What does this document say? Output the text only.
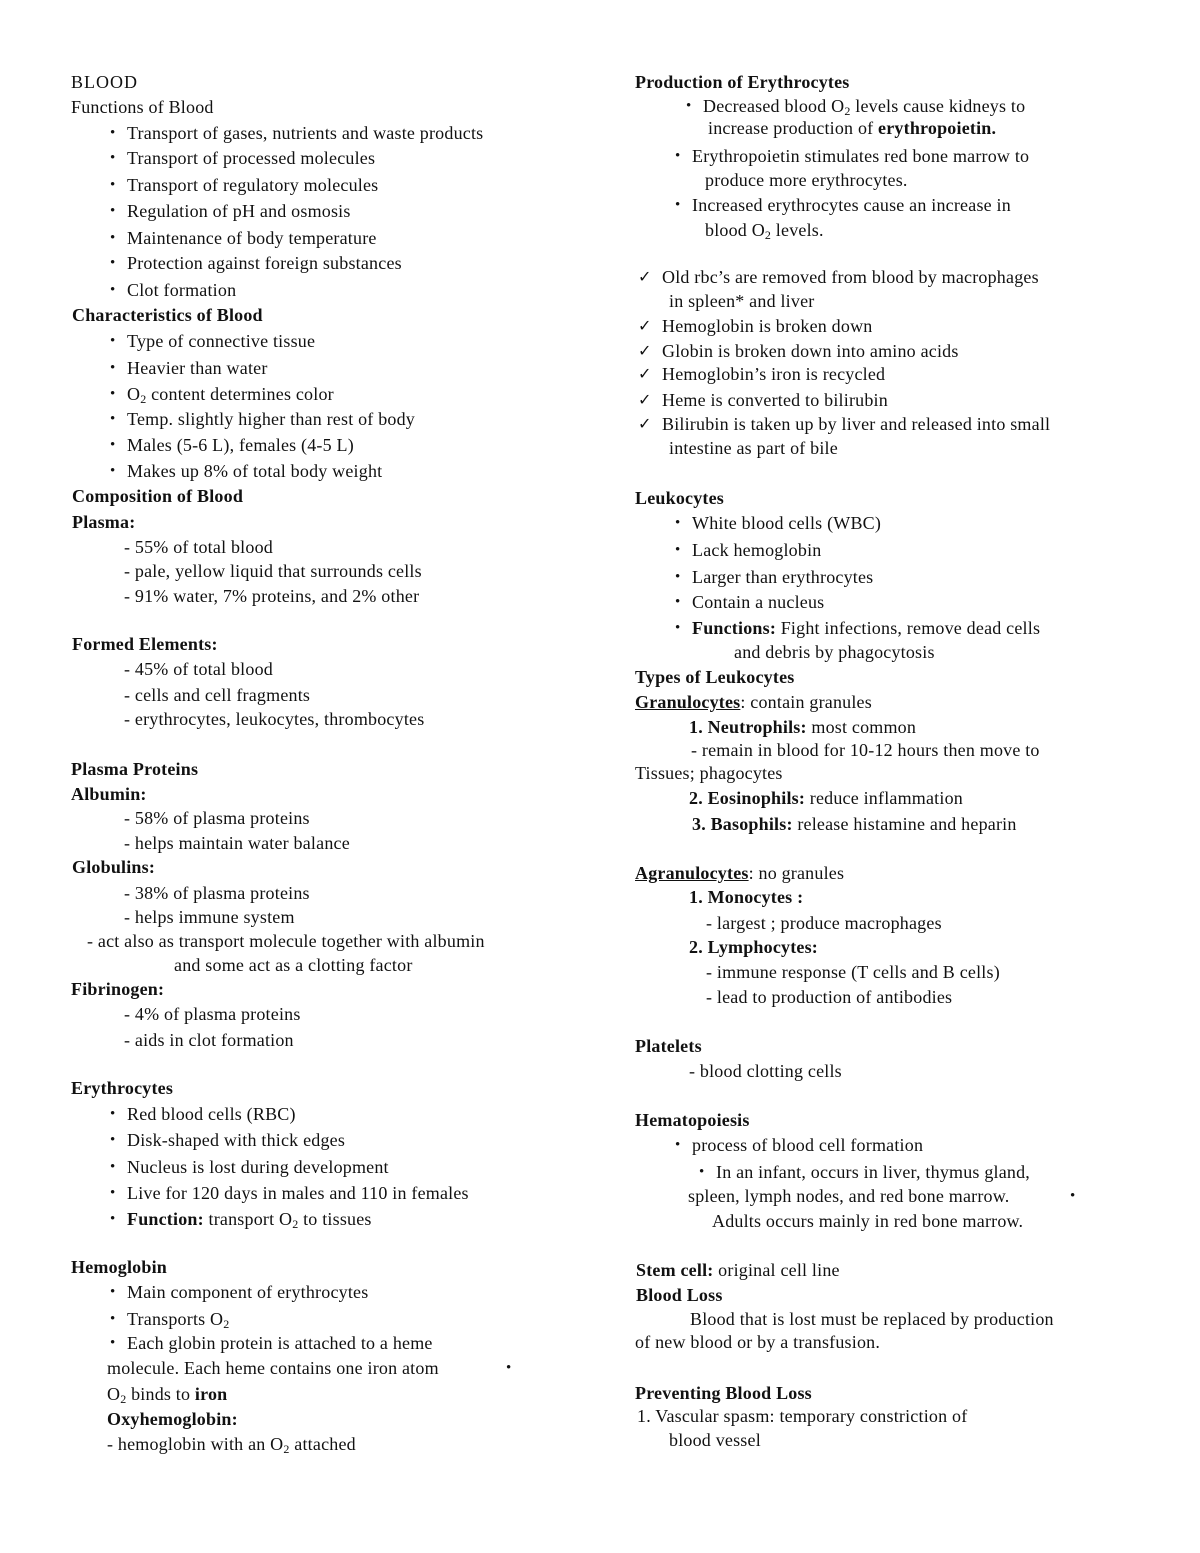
BLOOD
Functions of Blood
• Transport of gases, nutrients and waste products
• Transport of processed molecules
• Transport of regulatory molecules
• Regulation of pH and osmosis
• Maintenance of body temperature
• Protection against foreign substances
• Clot formation
Characteristics of Blood
• Type of connective tissue
• Heavier than water
• $O_2$ content determines color
• Temp. slightly higher than rest of body
• Males (5-6 L), females (4-5 L)
• Makes up 8% of total body weight
Composition of Blood
Plasma:
- 55% of total blood
- pale, yellow liquid that surrounds cells
- 91% water, 7% proteins, and 2% other
Formed Elements:
- 45% of total blood
- cells and cell fragments
- erythrocytes, leukocytes, thrombocytes
Plasma Proteins
Albumin:
- 58% of plasma proteins
- helps maintain water balance
Globulins:
- 38% of plasma proteins
- helps immune system
- act also as transport molecule together with albumin
and some act as a clotting factor
Fibrinogen:
- 4% of plasma proteins
- aids in clot formation
Erythrocytes
• Red blood cells (RBC)
• Disk-shaped with thick edges
• Nucleus is lost during development
• Live for 120 days in males and 110 in females
• Function: transport $O_2$ to tissues
Hemoglobin
• Main component of erythrocytes
• Transports $O_2$
• Each globin protein is attached to a heme
molecule. Each heme contains one iron atom	•
$O_2$ binds to iron
Oxyhemoglobin:
- hemoglobin with an $O_2$ attached
Production of Erythrocytes
• Decreased blood $O_2$ levels cause kidneys to
increase production of erythropoietin.
• Erythropoietin stimulates red bone marrow to
produce more erythrocytes.
• Increased erythrocytes cause an increase in
blood $O_2$ levels.
✓ Old rbc’s are removed from blood by macrophages
in spleen* and liver
✓ Hemoglobin is broken down
✓ Globin is broken down into amino acids
✓ Hemoglobin’s iron is recycled
✓ Heme is converted to bilirubin
✓ Bilirubin is taken up by liver and released into small
intestine as part of bile
Leukocytes
• White blood cells (WBC)
• Lack hemoglobin
• Larger than erythrocytes
• Contain a nucleus
• Functions: Fight infections, remove dead cells
and debris by phagocytosis
Types of Leukocytes
Granulocytes: contain granules
1. Neutrophils: most common
- remain in blood for 10-12 hours then move to
Tissues; phagocytes
2. Eosinophils: reduce inflammation
3. Basophils: release histamine and heparin
Agranulocytes: no granules
1. Monocytes :
- largest ; produce macrophages
2. Lymphocytes:
- immune response (T cells and B cells)
- lead to production of antibodies
Platelets
- blood clotting cells
Hematopoiesis
• process of blood cell formation
• In an infant, occurs in liver, thymus gland,
spleen, lymph nodes, and red bone marrow.	•
Adults occurs mainly in red bone marrow.
Stem cell: original cell line
Blood Loss
Blood that is lost must be replaced by production
of new blood or by a transfusion.
Preventing Blood Loss
1. Vascular spasm: temporary constriction of
blood vessel
